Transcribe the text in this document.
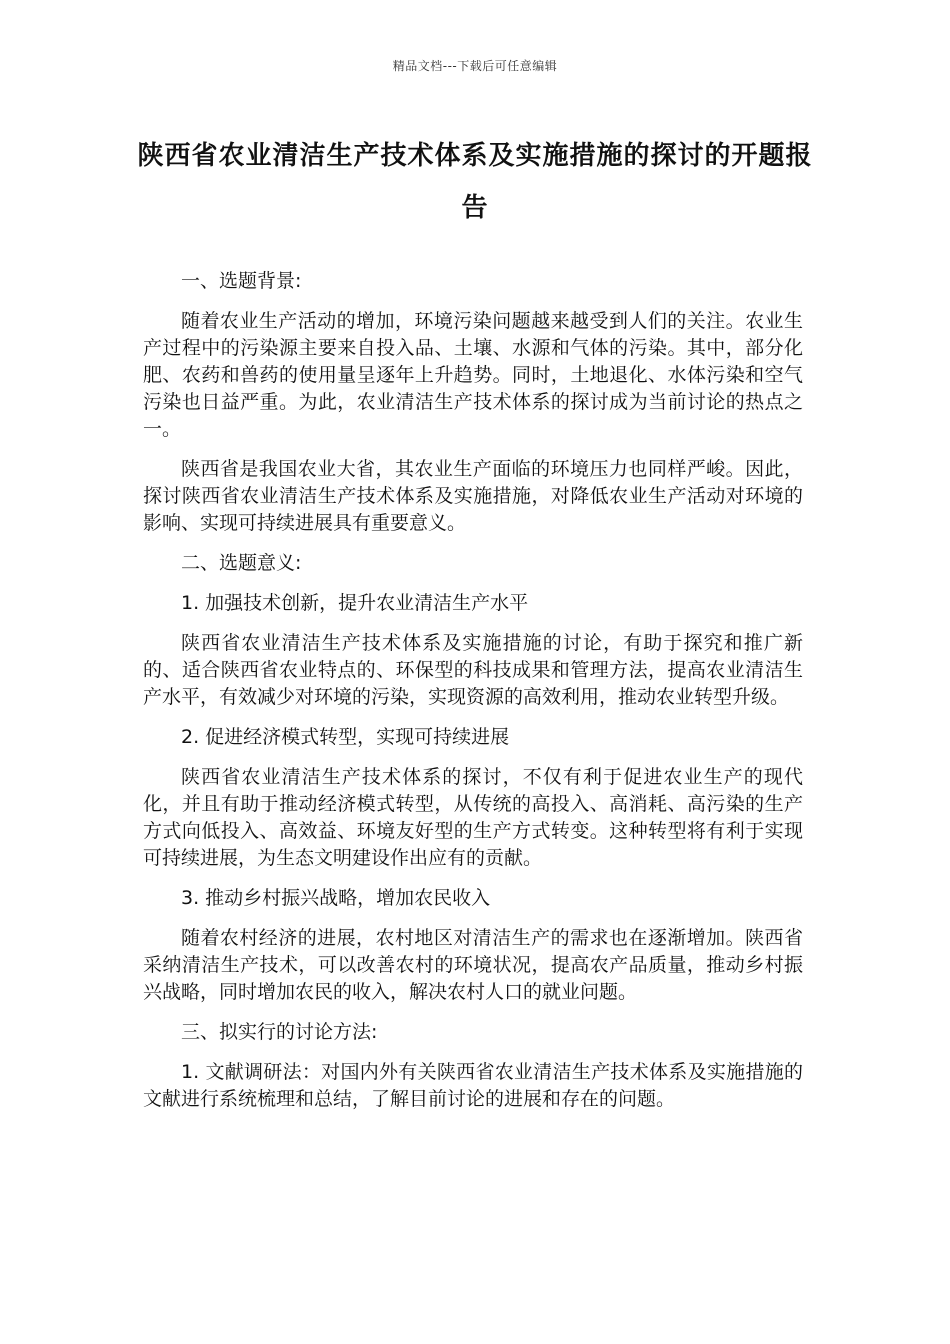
精品文档---下载后可任意编辑
陕西省农业清洁生产技术体系及实施措施的探讨的开题报告

一、选题背景:

随着农业生产活动的增加，环境污染问题越来越受到人们的关注。农业生产过程中的污染源主要来自投入品、土壤、水源和气体的污染。其中，部分化肥、农药和兽药的使用量呈逐年上升趋势。同时，土地退化、水体污染和空气污染也日益严重。为此，农业清洁生产技术体系的探讨成为当前讨论的热点之一。

陕西省是我国农业大省，其农业生产面临的环境压力也同样严峻。因此，探讨陕西省农业清洁生产技术体系及实施措施，对降低农业生产活动对环境的影响、实现可持续进展具有重要意义。

二、选题意义:

1. 加强技术创新，提升农业清洁生产水平

陕西省农业清洁生产技术体系及实施措施的讨论，有助于探究和推广新的、适合陕西省农业特点的、环保型的科技成果和管理方法，提高农业清洁生产水平，有效减少对环境的污染，实现资源的高效利用，推动农业转型升级。

2. 促进经济模式转型，实现可持续进展

陕西省农业清洁生产技术体系的探讨，不仅有利于促进农业生产的现代化，并且有助于推动经济模式转型，从传统的高投入、高消耗、高污染的生产方式向低投入、高效益、环境友好型的生产方式转变。这种转型将有利于实现可持续进展，为生态文明建设作出应有的贡献。

3. 推动乡村振兴战略，增加农民收入

随着农村经济的进展，农村地区对清洁生产的需求也在逐渐增加。陕西省采纳清洁生产技术，可以改善农村的环境状况，提高农产品质量，推动乡村振兴战略，同时增加农民的收入，解决农村人口的就业问题。

三、拟实行的讨论方法:

1. 文献调研法：对国内外有关陕西省农业清洁生产技术体系及实施措施的文献进行系统梳理和总结，了解目前讨论的进展和存在的问题。
